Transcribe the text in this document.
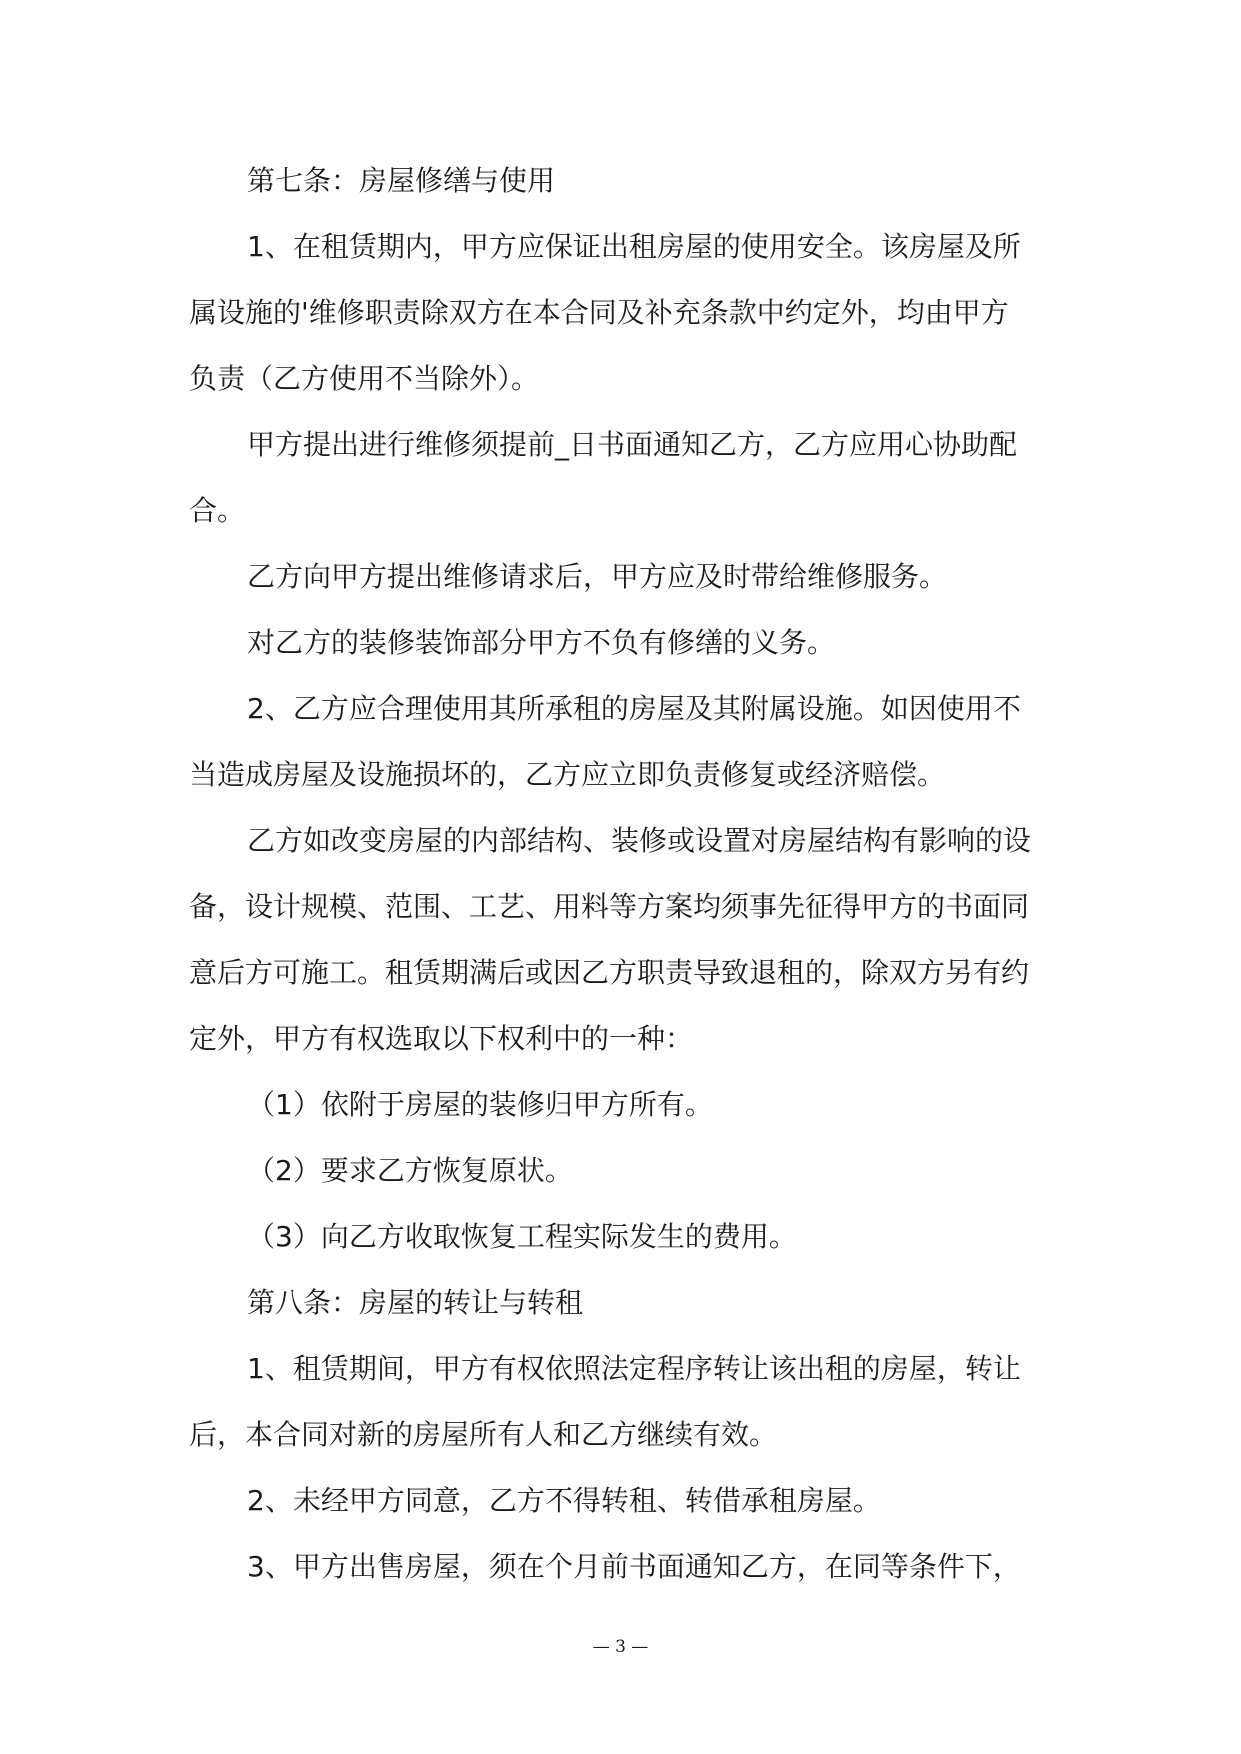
第七条：房屋修缮与使用
1、在租赁期内，甲方应保证出租房屋的使用安全。该房屋及所
属设施的'维修职责除双方在本合同及补充条款中约定外，均由甲方
负责（乙方使用不当除外）。
甲方提出进行维修须提前_日书面通知乙方，乙方应用心协助配
合。
乙方向甲方提出维修请求后，甲方应及时带给维修服务。
对乙方的装修装饰部分甲方不负有修缮的义务。
2、乙方应合理使用其所承租的房屋及其附属设施。如因使用不
当造成房屋及设施损坏的，乙方应立即负责修复或经济赔偿。
乙方如改变房屋的内部结构、装修或设置对房屋结构有影响的设
备，设计规模、范围、工艺、用料等方案均须事先征得甲方的书面同
意后方可施工。租赁期满后或因乙方职责导致退租的，除双方另有约
定外，甲方有权选取以下权利中的一种：
（1）依附于房屋的装修归甲方所有。
（2）要求乙方恢复原状。
（3）向乙方收取恢复工程实际发生的费用。
第八条：房屋的转让与转租
1、租赁期间，甲方有权依照法定程序转让该出租的房屋，转让
后，本合同对新的房屋所有人和乙方继续有效。
2、未经甲方同意，乙方不得转租、转借承租房屋。
3、甲方出售房屋，须在个月前书面通知乙方，在同等条件下，
— 3 —
